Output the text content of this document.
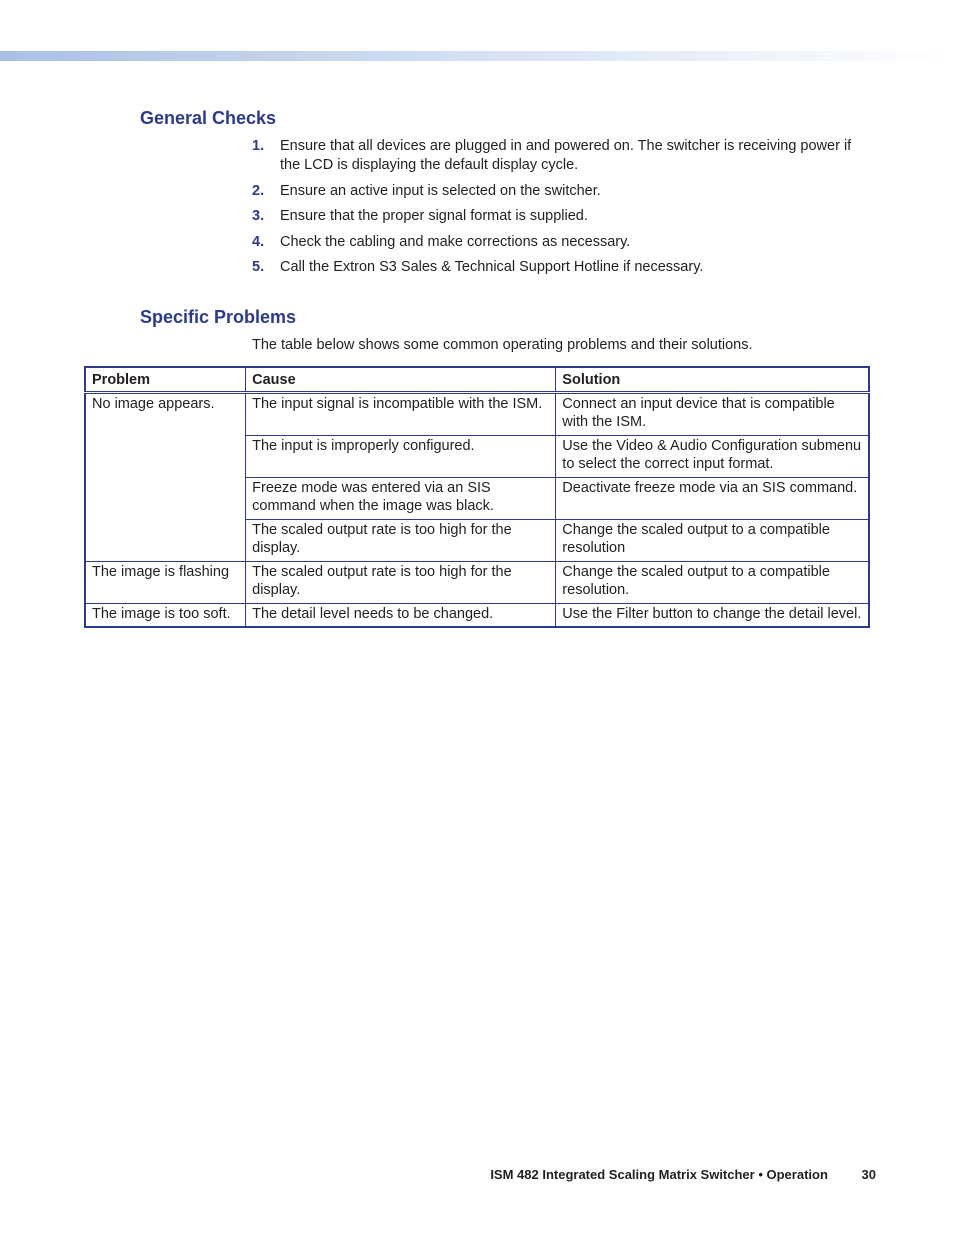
General Checks
1. Ensure that all devices are plugged in and powered on. The switcher is receiving power if the LCD is displaying the default display cycle.
2. Ensure an active input is selected on the switcher.
3. Ensure that the proper signal format is supplied.
4. Check the cabling and make corrections as necessary.
5. Call the Extron S3 Sales & Technical Support Hotline if necessary.
Specific Problems

The table below shows some common operating problems and their solutions.

Problem	Cause	Solution
No image appears.	The input signal is incompatible with the ISM.	Connect an input device that is compatible with the ISM.
	The input is improperly configured.	Use the Video & Audio Configuration submenu to select the correct input format.
	Freeze mode was entered via an SIS command when the image was black.	Deactivate freeze mode via an SIS command.
	The scaled output rate is too high for the display.	Change the scaled output to a compatible resolution
The image is flashing	The scaled output rate is too high for the display.	Change the scaled output to a compatible resolution.
The image is too soft.	The detail level needs to be changed.	Use the Filter button to change the detail level.
ISM 482 Integrated Scaling Matrix Switcher • Operation	30
